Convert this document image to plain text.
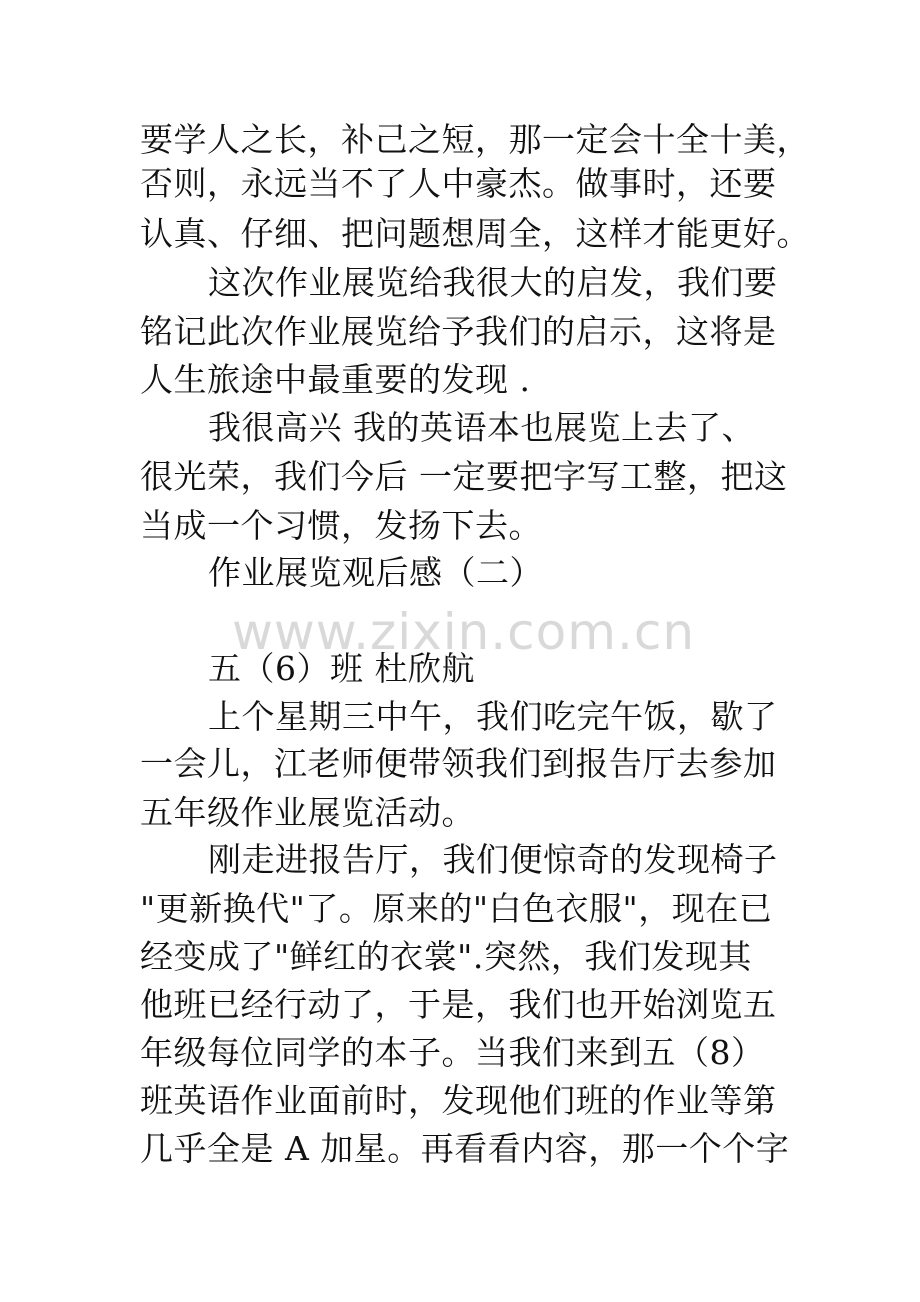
要学人之长，补己之短，那一定会十全十美，
否则，永远当不了人中豪杰。做事时，还要
认真、仔细、把问题想周全，这样才能更好。
这次作业展览给我很大的启发，我们要
铭记此次作业展览给予我们的启示，这将是
人生旅途中最重要的发现 .
我很高兴 我的英语本也展览上去了、
很光荣，我们今后 一定要把字写工整，把这
当成一个习惯，发扬下去。
作业展览观后感（二）
www.zixin.com.cn
五（6）班 杜欣航
上个星期三中午，我们吃完午饭，歇了
一会儿，江老师便带领我们到报告厅去参加
五年级作业展览活动。
刚走进报告厅，我们便惊奇的发现椅子
"更新换代"了。原来的"白色衣服"，现在已
经变成了"鲜红的衣裳".突然，我们发现其
他班已经行动了，于是，我们也开始浏览五
年级每位同学的本子。当我们来到五（8）
班英语作业面前时，发现他们班的作业等第
几乎全是 A 加星。再看看内容，那一个个字
